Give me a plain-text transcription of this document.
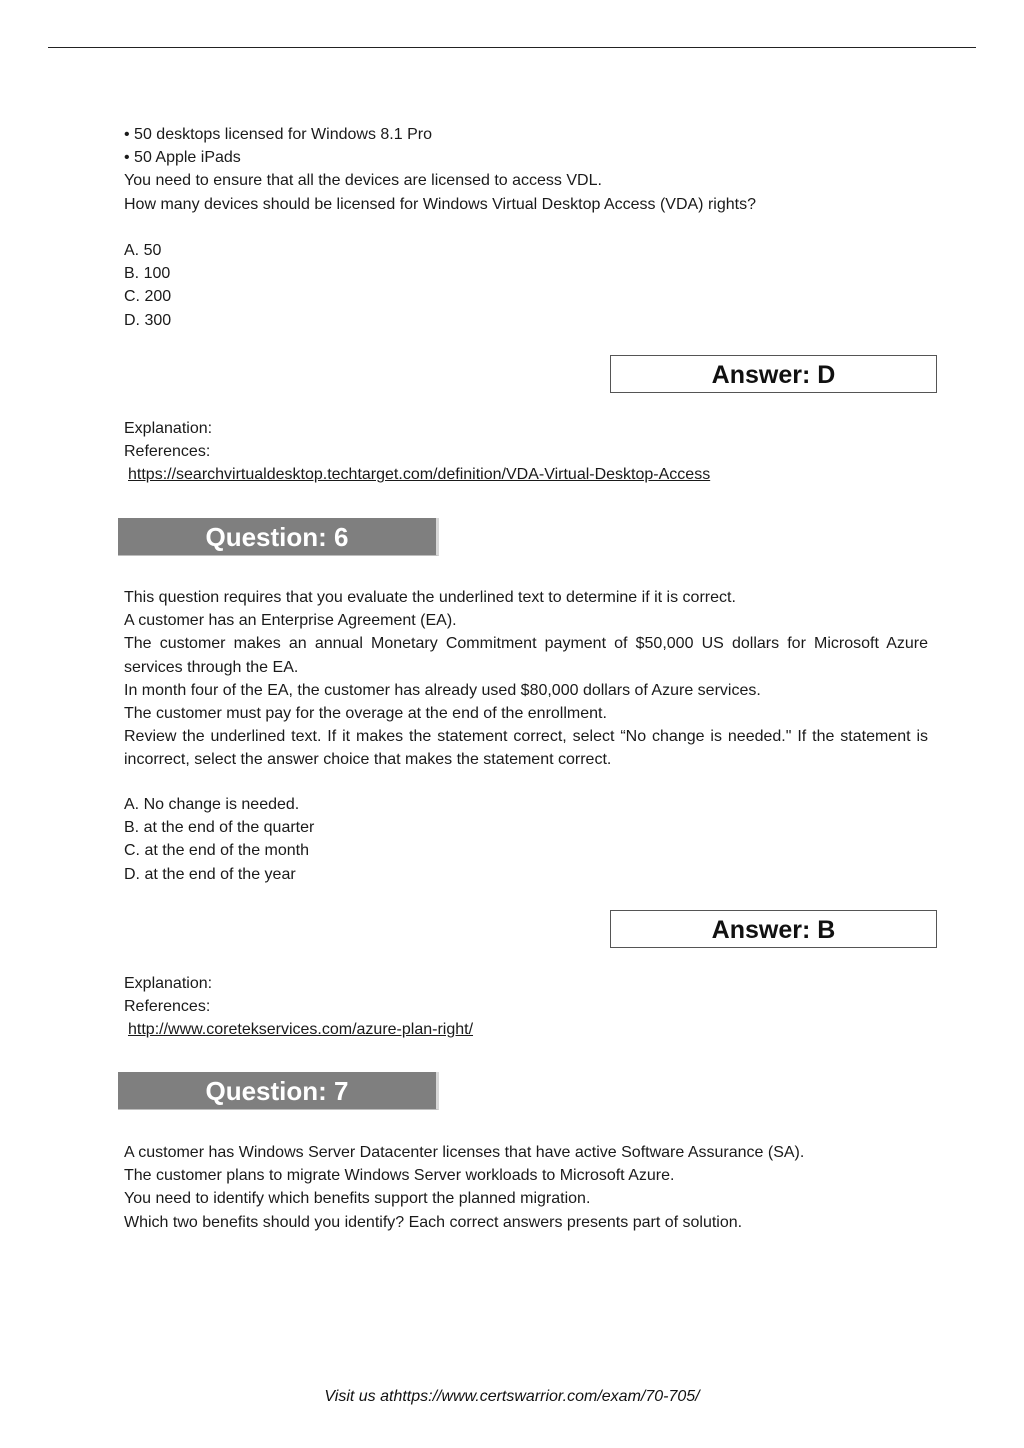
• 50 desktops licensed for Windows 8.1 Pro
• 50 Apple iPads
You need to ensure that all the devices are licensed to access VDL.
How many devices should be licensed for Windows Virtual Desktop Access (VDA) rights?
A. 50
B. 100
C. 200
D. 300
Answer: D
Explanation:
References:
https://searchvirtualdesktop.techtarget.com/definition/VDA-Virtual-Desktop-Access
Question: 6
This question requires that you evaluate the underlined text to determine if it is correct.
A customer has an Enterprise Agreement (EA).
The customer makes an annual Monetary Commitment payment of $50,000 US dollars for Microsoft Azure services through the EA.
In month four of the EA, the customer has already used $80,000 dollars of Azure services.
The customer must pay for the overage at the end of the enrollment.
Review the underlined text. If it makes the statement correct, select “No change is needed." If the statement is incorrect, select the answer choice that makes the statement correct.
A. No change is needed.
B. at the end of the quarter
C. at the end of the month
D. at the end of the year
Answer: B
Explanation:
References:
http://www.coretekservices.com/azure-plan-right/
Question: 7
A customer has Windows Server Datacenter licenses that have active Software Assurance (SA).
The customer plans to migrate Windows Server workloads to Microsoft Azure.
You need to identify which benefits support the planned migration.
Which two benefits should you identify? Each correct answers presents part of solution.
Visit us athttps://www.certswarrior.com/exam/70-705/
